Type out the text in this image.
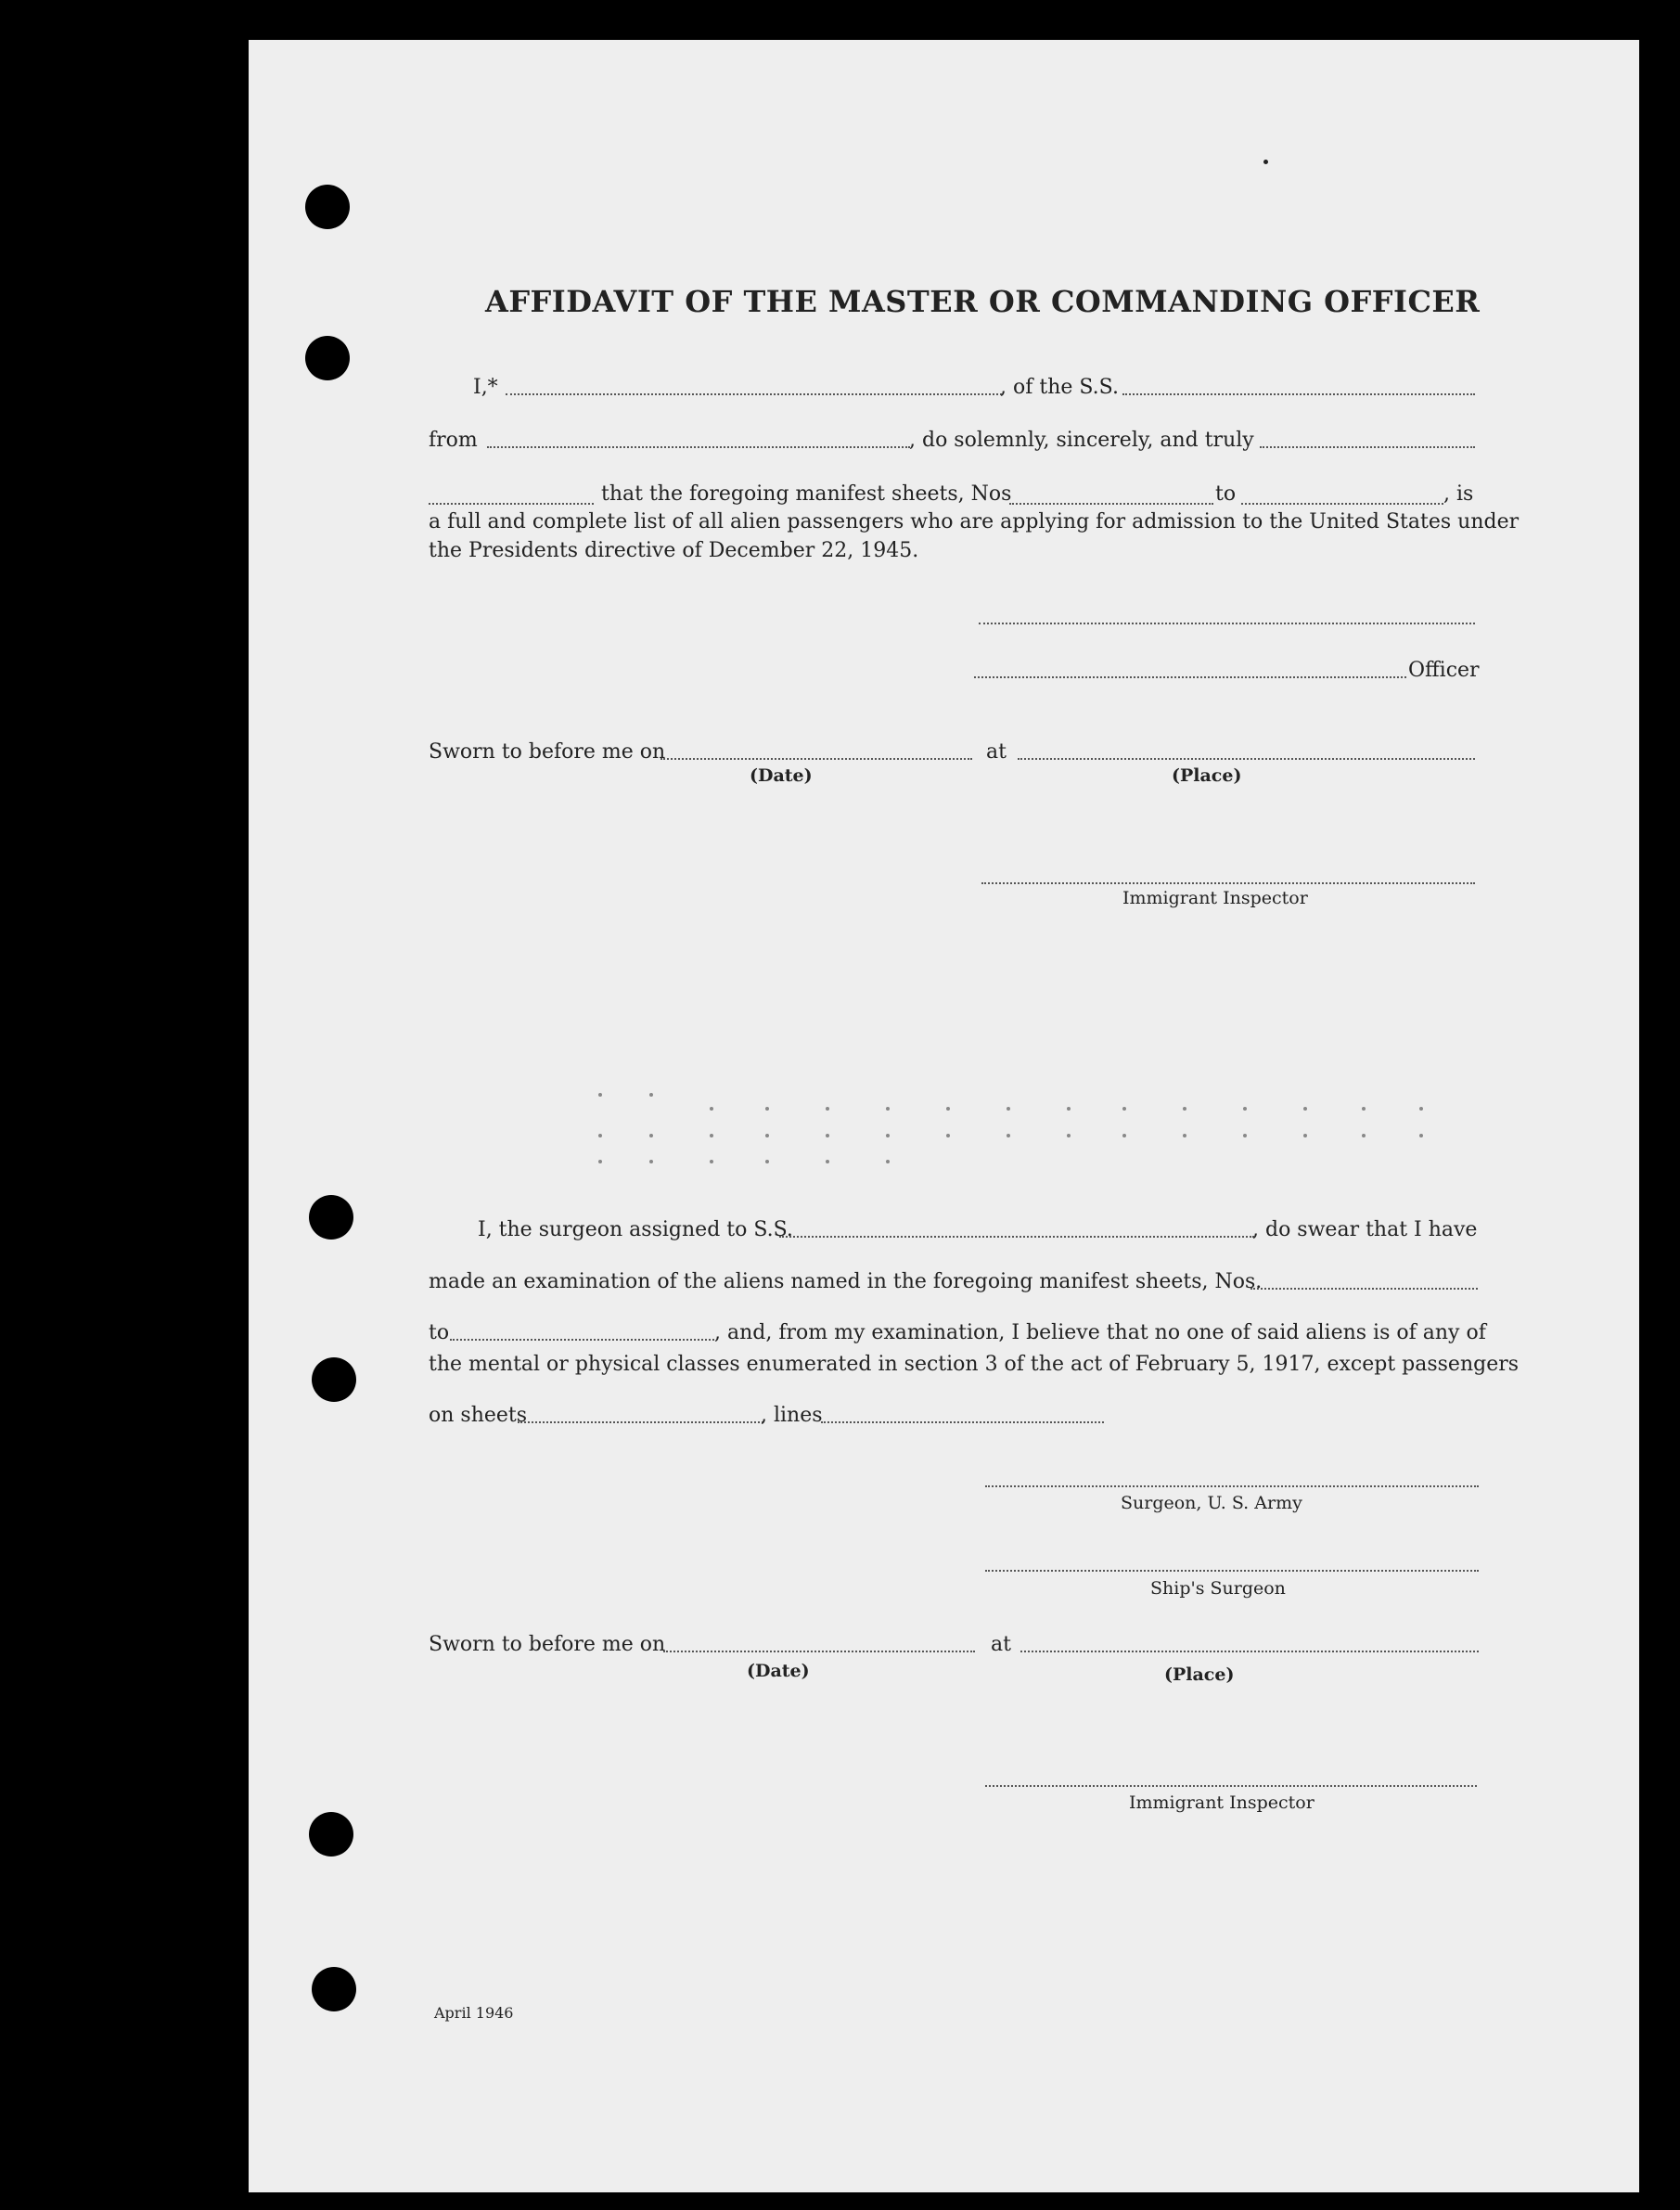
AFFIDAVIT OF THE MASTER OR COMMANDING OFFICER
I,*	, of the S.S.
from	, do solemnly, sincerely, and truly
that the foregoing manifest sheets, Nos	to	, is
a full and complete list of all alien passengers who are applying for admission to the United States under
the Presidents directive of December 22, 1945.
Officer
Sworn to before me on	at
(Date)	(Place)
Immigrant Inspector
I, the surgeon assigned to S.S.	, do swear that I have
made an examination of the aliens named in the foregoing manifest sheets, Nos.
to	, and, from my examination, I believe that no one of said aliens is of any of
the mental or physical classes enumerated in section 3 of the act of February 5, 1917, except passengers
on sheets	, lines
Surgeon, U. S. Army
Ship's Surgeon
Sworn to before me on	at
(Date)	(Place)
Immigrant Inspector
April 1946
